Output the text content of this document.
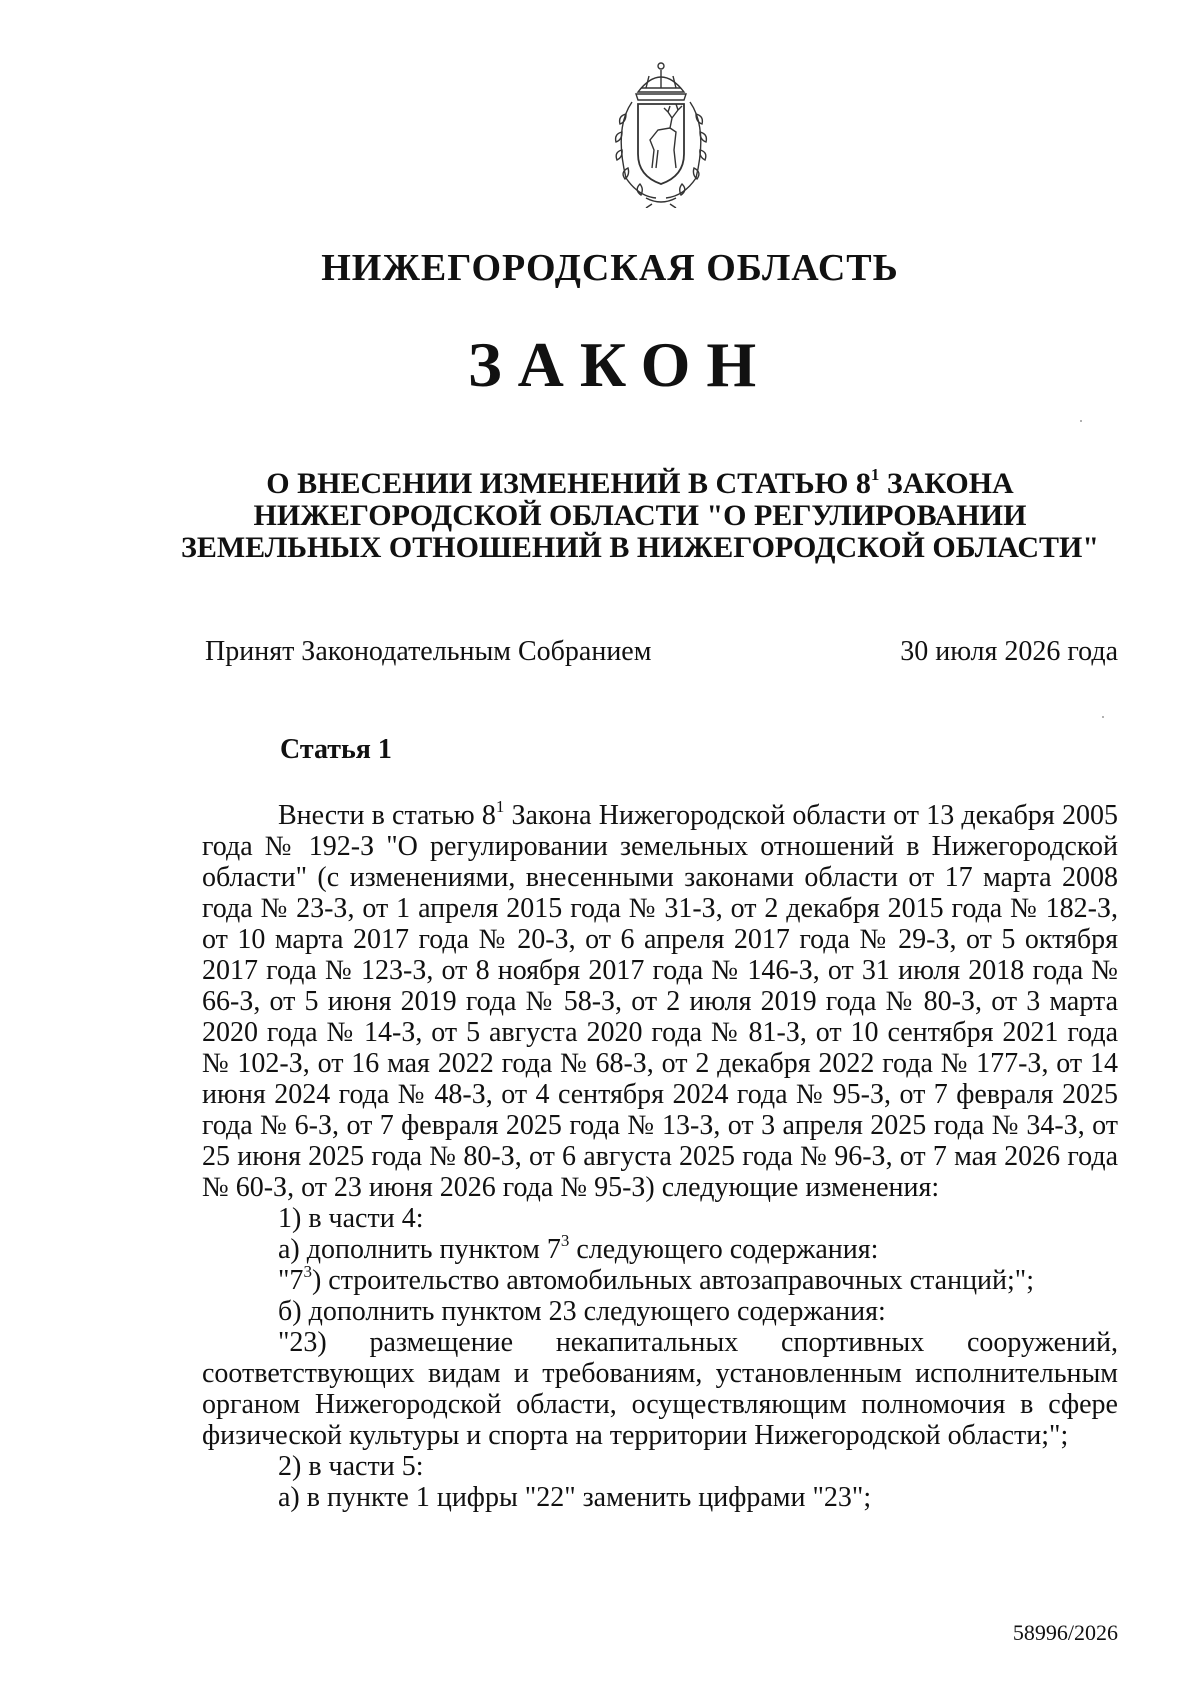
НИЖЕГОРОДСКАЯ ОБЛАСТЬ
ЗАКОН
О ВНЕСЕНИИ ИЗМЕНЕНИЙ В СТАТЬЮ $8^1$ ЗАКОНА
НИЖЕГОРОДСКОЙ ОБЛАСТИ "О РЕГУЛИРОВАНИИ
ЗЕМЕЛЬНЫХ ОТНОШЕНИЙ В НИЖЕГОРОДСКОЙ ОБЛАСТИ"
Принят Законодательным Собранием	30 июля 2026 года
Статья 1

Внести в статью $8^1$ Закона Нижегородской области от 13 декабря 2005 года № 192-З "О регулировании земельных отношений в Нижегородской области" (с изменениями, внесенными законами области от 17 марта 2008 года № 23-З, от 1 апреля 2015 года № 31-З, от 2 декабря 2015 года № 182-З, от 10 марта 2017 года № 20-З, от 6 апреля 2017 года № 29-З, от 5 октября 2017 года № 123-З, от 8 ноября 2017 года № 146-З, от 31 июля 2018 года № 66-З, от 5 июня 2019 года № 58-З, от 2 июля 2019 года № 80-З, от 3 марта 2020 года № 14-З, от 5 августа 2020 года № 81-З, от 10 сентября 2021 года № 102-З, от 16 мая 2022 года № 68-З, от 2 декабря 2022 года № 177-З, от 14 июня 2024 года № 48-З, от 4 сентября 2024 года № 95-З, от 7 февраля 2025 года № 6-З, от 7 февраля 2025 года № 13-З, от 3 апреля 2025 года № 34-З, от 25 июня 2025 года № 80-З, от 6 августа 2025 года № 96-З, от 7 мая 2026 года № 60-З, от 23 июня 2026 года № 95-З) следующие изменения:

1) в части 4:

а) дополнить пунктом $7^3$ следующего содержания:

"$7^3$) строительство автомобильных автозаправочных станций;";

б) дополнить пунктом 23 следующего содержания:

"23) размещение некапитальных спортивных сооружений, соответствующих видам и требованиям, установленным исполнительным органом Нижегородской области, осуществляющим полномочия в сфере физической культуры и спорта на территории Нижегородской области;";

2) в части 5:

а) в пункте 1 цифры "22" заменить цифрами "23";

58996/2026
